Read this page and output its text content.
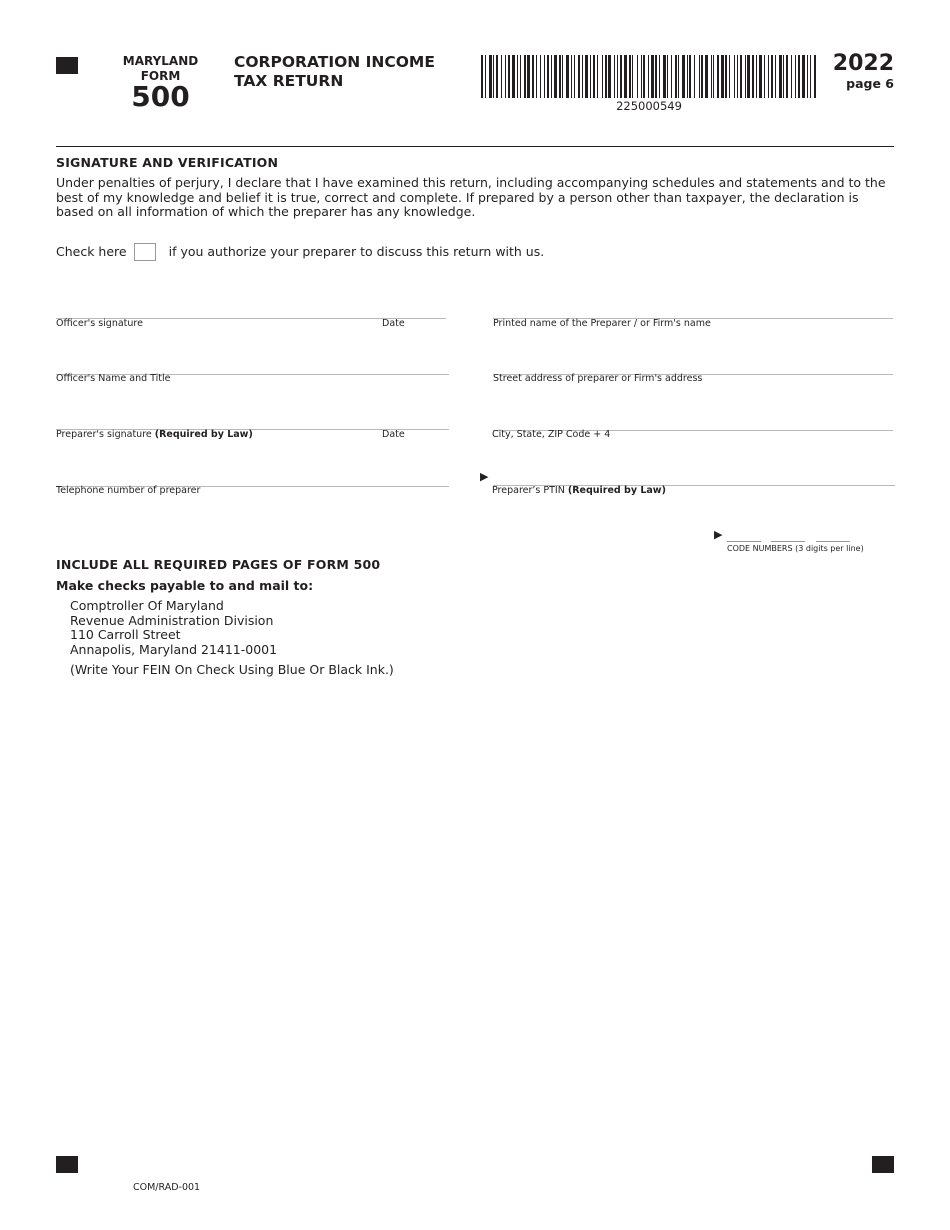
MARYLAND
FORM
500
CORPORATION INCOME
TAX RETURN
225000549
2022
page 6
SIGNATURE AND VERIFICATION
Under penalties of perjury, I declare that I have examined this return, including accompanying schedules and statements and to the best of my knowledge and belief it is true, correct and complete. If prepared by a person other than taxpayer, the declaration is based on all information of which the preparer has any knowledge.
Check here	if you authorize your preparer to discuss this return with us.
Officer's signature	Date
Officer's Name and Title
Preparer's signature (Required by Law)	Date
Telephone number of preparer
Printed name of the Preparer / or Firm's name
Street address of preparer or Firm's address
City, State, ZIP Code + 4
▶
Preparer’s PTIN (Required by Law)
▶
CODE NUMBERS (3 digits per line)
INCLUDE ALL REQUIRED PAGES OF FORM 500
Make checks payable to and mail to:
Comptroller Of Maryland
Revenue Administration Division
110 Carroll Street
Annapolis, Maryland 21411-0001
(Write Your FEIN On Check Using Blue Or Black Ink.)
COM/RAD-001
